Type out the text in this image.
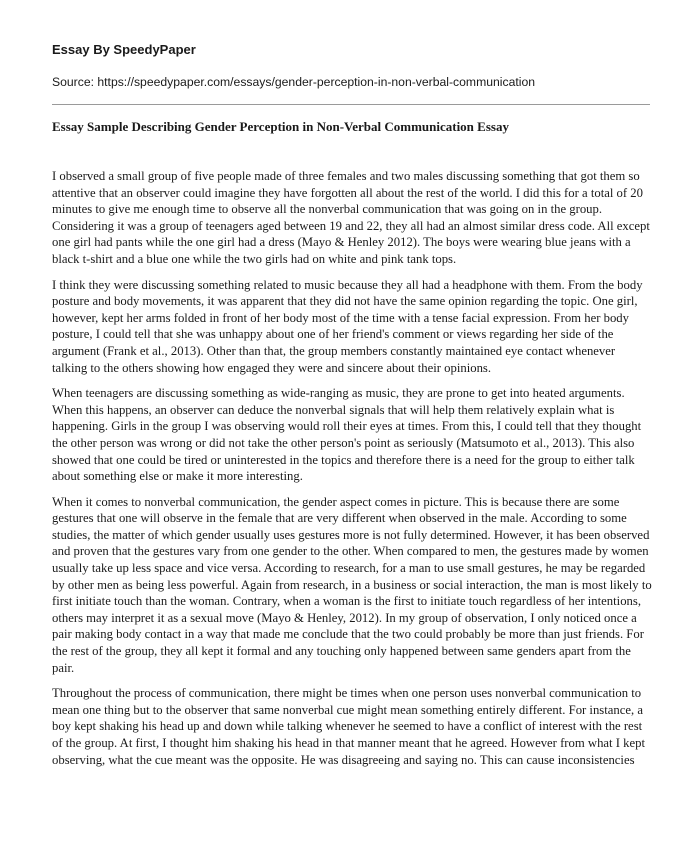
Essay By SpeedyPaper
Source: https://speedypaper.com/essays/gender-perception-in-non-verbal-communication
Essay Sample Describing Gender Perception in Non-Verbal Communication Essay

I observed a small group of five people made of three females and two males discussing something that got them so attentive that an observer could imagine they have forgotten all about the rest of the world. I did this for a total of 20 minutes to give me enough time to observe all the nonverbal communication that was going on in the group. Considering it was a group of teenagers aged between 19 and 22, they all had an almost similar dress code. All except one girl had pants while the one girl had a dress (Mayo & Henley 2012). The boys were wearing blue jeans with a black t-shirt and a blue one while the two girls had on white and pink tank tops.

I think they were discussing something related to music because they all had a headphone with them. From the body posture and body movements, it was apparent that they did not have the same opinion regarding the topic. One girl, however, kept her arms folded in front of her body most of the time with a tense facial expression. From her body posture, I could tell that she was unhappy about one of her friend's comment or views regarding her side of the argument (Frank et al., 2013). Other than that, the group members constantly maintained eye contact whenever talking to the others showing how engaged they were and sincere about their opinions.

When teenagers are discussing something as wide-ranging as music, they are prone to get into heated arguments. When this happens, an observer can deduce the nonverbal signals that will help them relatively explain what is happening. Girls in the group I was observing would roll their eyes at times. From this, I could tell that they thought the other person was wrong or did not take the other person's point as seriously (Matsumoto et al., 2013). This also showed that one could be tired or uninterested in the topics and therefore there is a need for the group to either talk about something else or make it more interesting.

When it comes to nonverbal communication, the gender aspect comes in picture. This is because there are some gestures that one will observe in the female that are very different when observed in the male. According to some studies, the matter of which gender usually uses gestures more is not fully determined. However, it has been observed and proven that the gestures vary from one gender to the other. When compared to men, the gestures made by women usually take up less space and vice versa. According to research, for a man to use small gestures, he may be regarded by other men as being less powerful. Again from research, in a business or social interaction, the man is most likely to first initiate touch than the woman. Contrary, when a woman is the first to initiate touch regardless of her intentions, others may interpret it as a sexual move (Mayo & Henley, 2012). In my group of observation, I only noticed once a pair making body contact in a way that made me conclude that the two could probably be more than just friends. For the rest of the group, they all kept it formal and any touching only happened between same genders apart from the pair.

Throughout the process of communication, there might be times when one person uses nonverbal communication to mean one thing but to the observer that same nonverbal cue might mean something entirely different. For instance, a boy kept shaking his head up and down while talking whenever he seemed to have a conflict of interest with the rest of the group. At first, I thought him shaking his head in that manner meant that he agreed. However from what I kept observing, what the cue meant was the opposite. He was disagreeing and saying no. This can cause inconsistencies
